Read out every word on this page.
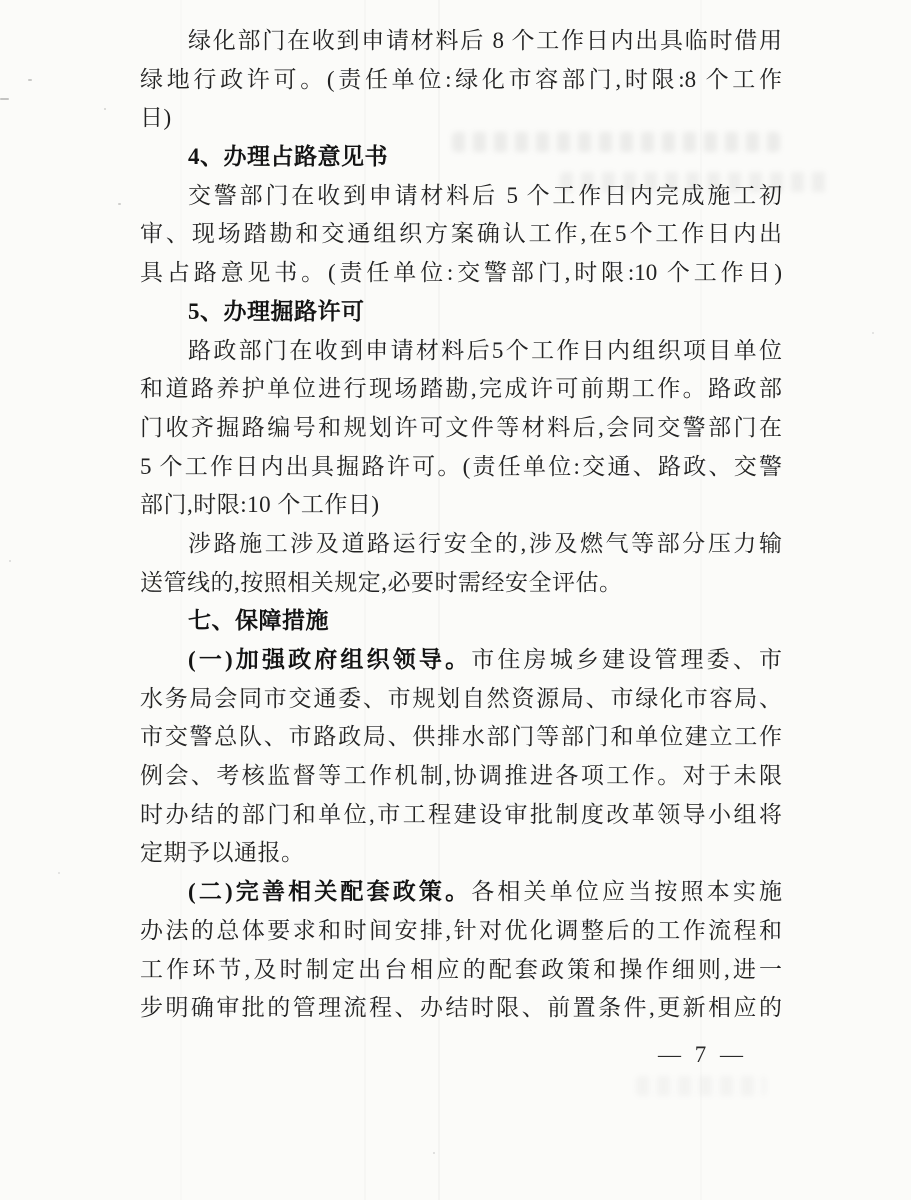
绿化部门在收到申请材料后 8 个工作日内出具临时借用
绿地行政许可。(责任单位:绿化市容部门,时限:8 个工作
日)
4、办理占路意见书
交警部门在收到申请材料后 5 个工作日内完成施工初
审、现场踏勘和交通组织方案确认工作,在5个工作日内出
具占路意见书。(责任单位:交警部门,时限:10 个工作日)
5、办理掘路许可
路政部门在收到申请材料后5个工作日内组织项目单位
和道路养护单位进行现场踏勘,完成许可前期工作。路政部
门收齐掘路编号和规划许可文件等材料后,会同交警部门在
5 个工作日内出具掘路许可。(责任单位:交通、路政、交警
部门,时限:10 个工作日)
涉路施工涉及道路运行安全的,涉及燃气等部分压力输
送管线的,按照相关规定,必要时需经安全评估。
七、保障措施
(一)加强政府组织领导。市住房城乡建设管理委、市
水务局会同市交通委、市规划自然资源局、市绿化市容局、
市交警总队、市路政局、供排水部门等部门和单位建立工作
例会、考核监督等工作机制,协调推进各项工作。对于未限
时办结的部门和单位,市工程建设审批制度改革领导小组将
定期予以通报。
(二)完善相关配套政策。各相关单位应当按照本实施
办法的总体要求和时间安排,针对优化调整后的工作流程和
工作环节,及时制定出台相应的配套政策和操作细则,进一
步明确审批的管理流程、办结时限、前置条件,更新相应的
— 7 —
